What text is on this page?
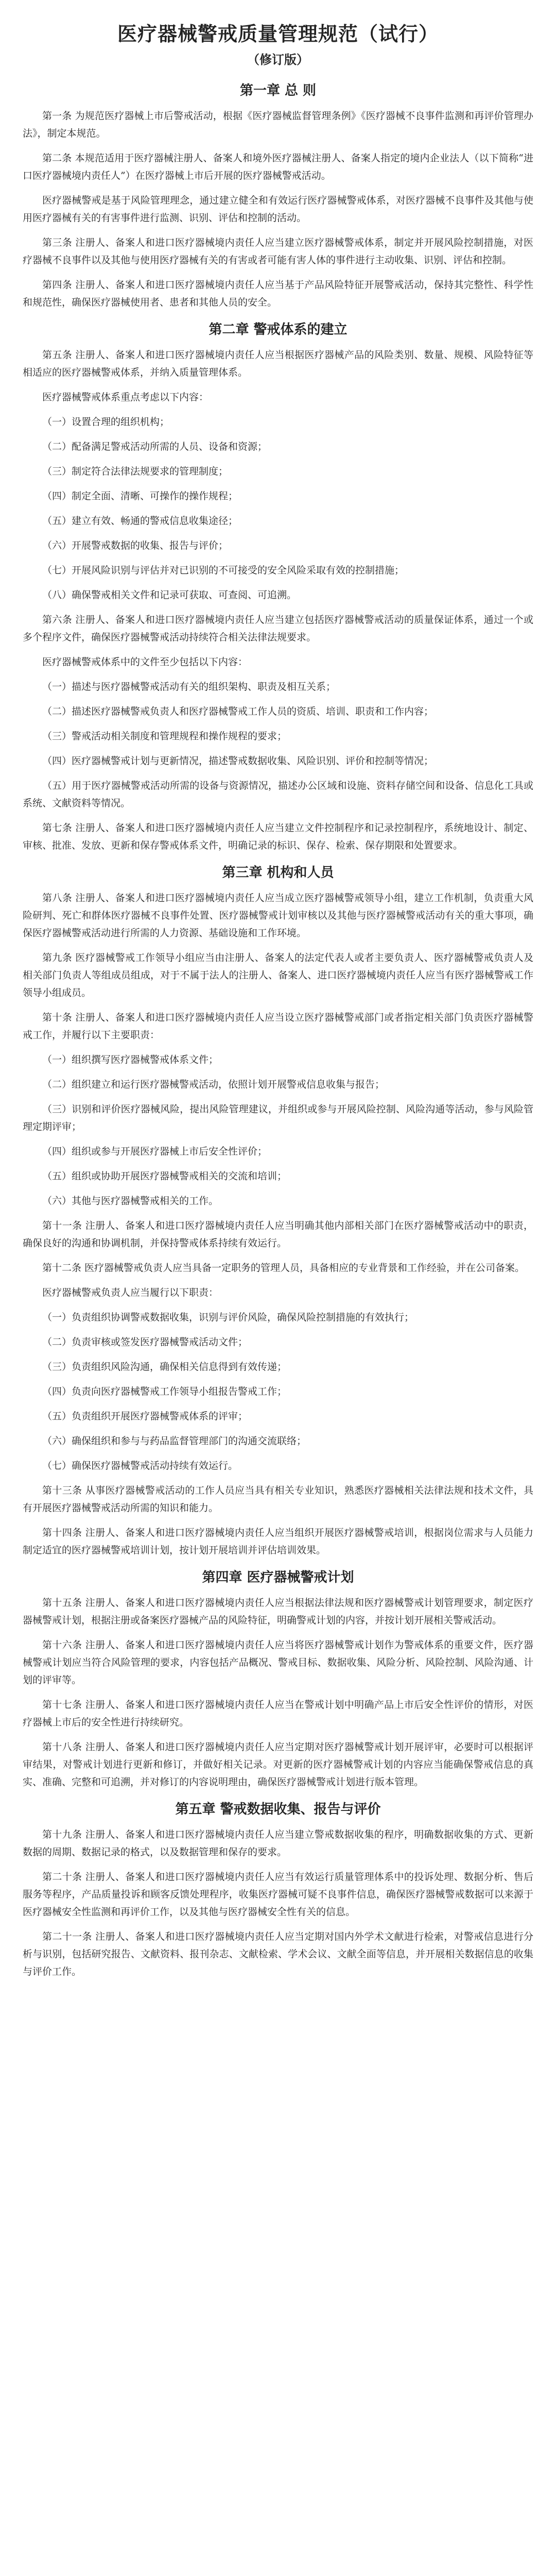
医疗器械警戒质量管理规范（试行）
（修订版）
第一章 总 则

第一条 为规范医疗器械上市后警戒活动，根据《医疗器械监督管理条例》《医疗器械不良事件监测和再评价管理办法》，制定本规范。

第二条 本规范适用于医疗器械注册人、备案人和境外医疗器械注册人、备案人指定的境内企业法人（以下简称“进口医疗器械境内责任人”）在医疗器械上市后开展的医疗器械警戒活动。

医疗器械警戒是基于风险管理理念，通过建立健全和有效运行医疗器械警戒体系，对医疗器械不良事件及其他与使用医疗器械有关的有害事件进行监测、识别、评估和控制的活动。

第三条 注册人、备案人和进口医疗器械境内责任人应当建立医疗器械警戒体系，制定并开展风险控制措施，对医疗器械不良事件以及其他与使用医疗器械有关的有害或者可能有害人体的事件进行主动收集、识别、评估和控制。

第四条 注册人、备案人和进口医疗器械境内责任人应当基于产品风险特征开展警戒活动，保持其完整性、科学性和规范性，确保医疗器械使用者、患者和其他人员的安全。

第二章 警戒体系的建立

第五条 注册人、备案人和进口医疗器械境内责任人应当根据医疗器械产品的风险类别、数量、规模、风险特征等相适应的医疗器械警戒体系，并纳入质量管理体系。

医疗器械警戒体系重点考虑以下内容：

（一）设置合理的组织机构；

（二）配备满足警戒活动所需的人员、设备和资源；

（三）制定符合法律法规要求的管理制度；

（四）制定全面、清晰、可操作的操作规程；

（五）建立有效、畅通的警戒信息收集途径；

（六）开展警戒数据的收集、报告与评价；

（七）开展风险识别与评估并对已识别的不可接受的安全风险采取有效的控制措施；

（八）确保警戒相关文件和记录可获取、可查阅、可追溯。

第六条 注册人、备案人和进口医疗器械境内责任人应当建立包括医疗器械警戒活动的质量保证体系，通过一个或多个程序文件，确保医疗器械警戒活动持续符合相关法律法规要求。

医疗器械警戒体系中的文件至少包括以下内容：

（一）描述与医疗器械警戒活动有关的组织架构、职责及相互关系；

（二）描述医疗器械警戒负责人和医疗器械警戒工作人员的资质、培训、职责和工作内容；

（三）警戒活动相关制度和管理规程和操作规程的要求；

（四）医疗器械警戒计划与更新情况，描述警戒数据收集、风险识别、评价和控制等情况；

（五）用于医疗器械警戒活动所需的设备与资源情况，描述办公区域和设施、资料存储空间和设备、信息化工具或系统、文献资料等情况。

第七条 注册人、备案人和进口医疗器械境内责任人应当建立文件控制程序和记录控制程序，系统地设计、制定、审核、批准、发放、更新和保存警戒体系文件，明确记录的标识、保存、检索、保存期限和处置要求。

第三章 机构和人员

第八条 注册人、备案人和进口医疗器械境内责任人应当成立医疗器械警戒领导小组，建立工作机制，负责重大风险研判、死亡和群体医疗器械不良事件处置、医疗器械警戒计划审核以及其他与医疗器械警戒活动有关的重大事项，确保医疗器械警戒活动进行所需的人力资源、基础设施和工作环境。

第九条 医疗器械警戒工作领导小组应当由注册人、备案人的法定代表人或者主要负责人、医疗器械警戒负责人及相关部门负责人等组成员组成，对于不属于法人的注册人、备案人、进口医疗器械境内责任人应当有医疗器械警戒工作领导小组成员。

第十条 注册人、备案人和进口医疗器械境内责任人应当设立医疗器械警戒部门或者指定相关部门负责医疗器械警戒工作，并履行以下主要职责：

（一）组织撰写医疗器械警戒体系文件；

（二）组织建立和运行医疗器械警戒活动，依照计划开展警戒信息收集与报告；

（三）识别和评价医疗器械风险，提出风险管理建议，并组织或参与开展风险控制、风险沟通等活动，参与风险管理定期评审；

（四）组织或参与开展医疗器械上市后安全性评价；

（五）组织或协助开展医疗器械警戒相关的交流和培训；

（六）其他与医疗器械警戒相关的工作。

第十一条 注册人、备案人和进口医疗器械境内责任人应当明确其他内部相关部门在医疗器械警戒活动中的职责，确保良好的沟通和协调机制，并保持警戒体系持续有效运行。

第十二条 医疗器械警戒负责人应当具备一定职务的管理人员，具备相应的专业背景和工作经验，并在公司备案。

医疗器械警戒负责人应当履行以下职责：

（一）负责组织协调警戒数据收集，识别与评价风险，确保风险控制措施的有效执行；

（二）负责审核或签发医疗器械警戒活动文件；

（三）负责组织风险沟通，确保相关信息得到有效传递；

（四）负责向医疗器械警戒工作领导小组报告警戒工作；

（五）负责组织开展医疗器械警戒体系的评审；

（六）确保组织和参与与药品监督管理部门的沟通交流联络；

（七）确保医疗器械警戒活动持续有效运行。

第十三条 从事医疗器械警戒活动的工作人员应当具有相关专业知识，熟悉医疗器械相关法律法规和技术文件，具有开展医疗器械警戒活动所需的知识和能力。

第十四条 注册人、备案人和进口医疗器械境内责任人应当组织开展医疗器械警戒培训，根据岗位需求与人员能力制定适宜的医疗器械警戒培训计划，按计划开展培训并评估培训效果。

第四章 医疗器械警戒计划

第十五条 注册人、备案人和进口医疗器械境内责任人应当根据法律法规和医疗器械警戒计划管理要求，制定医疗器械警戒计划，根据注册或备案医疗器械产品的风险特征，明确警戒计划的内容，并按计划开展相关警戒活动。

第十六条 注册人、备案人和进口医疗器械境内责任人应当将医疗器械警戒计划作为警戒体系的重要文件，医疗器械警戒计划应当符合风险管理的要求，内容包括产品概况、警戒目标、数据收集、风险分析、风险控制、风险沟通、计划的评审等。

第十七条 注册人、备案人和进口医疗器械境内责任人应当在警戒计划中明确产品上市后安全性评价的情形，对医疗器械上市后的安全性进行持续研究。

第十八条 注册人、备案人和进口医疗器械境内责任人应当定期对医疗器械警戒计划开展评审，必要时可以根据评审结果，对警戒计划进行更新和修订，并做好相关记录。对更新的医疗器械警戒计划的内容应当能确保警戒信息的真实、准确、完整和可追溯，并对修订的内容说明理由，确保医疗器械警戒计划进行版本管理。

第五章 警戒数据收集、报告与评价

第十九条 注册人、备案人和进口医疗器械境内责任人应当建立警戒数据收集的程序，明确数据收集的方式、更新数据的周期、数据记录的格式，以及数据管理和保存的要求。

第二十条 注册人、备案人和进口医疗器械境内责任人应当有效运行质量管理体系中的投诉处理、数据分析、售后服务等程序，产品质量投诉和顾客反馈处理程序，收集医疗器械可疑不良事件信息，确保医疗器械警戒数据可以来源于医疗器械安全性监测和再评价工作，以及其他与医疗器械安全性有关的信息。

第二十一条 注册人、备案人和进口医疗器械境内责任人应当定期对国内外学术文献进行检索，对警戒信息进行分析与识别，包括研究报告、文献资料、报刊杂志、文献检索、学术会议、文献全面等信息，并开展相关数据信息的收集与评价工作。
